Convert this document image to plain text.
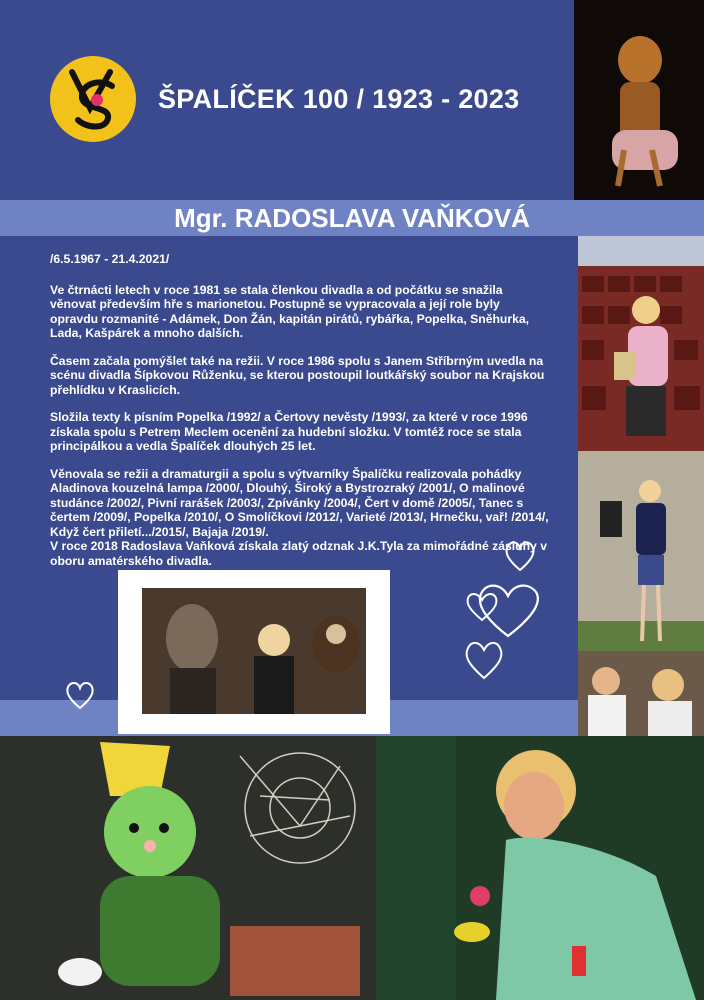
ŠPALÍČEK 100 / 1923 - 2023
Mgr. RADOSLAVA VAŇKOVÁ

/6.5.1967 - 21.4.2021/

Ve čtrnácti letech v roce 1981 se stala členkou divadla a od počátku se snažila věnovat především hře s marionetou. Postupně se vypracovala a její role byly opravdu rozmanité - Adámek, Don Žán, kapitán pirátů, rybářka, Popelka, Sněhurka, Lada, Kašpárek a mnoho dalších.

Časem začala pomýšlet také na režii. V roce 1986 spolu s Janem Stříbrným uvedla na scénu divadla Šípkovou Růženku, se kterou postoupil loutkářský soubor na Krajskou přehlídku v Kraslicích.

Složila texty k písním Popelka /1992/ a Čertovy nevěsty /1993/, za které v roce 1996 získala spolu s Petrem Meclem ocenění za hudební složku. V tomtéž roce se stala principálkou a vedla Špalíček dlouhých 25 let.

Věnovala se režii a dramaturgii a spolu s výtvarníky Špalíčku realizovala pohádky Aladinova kouzelná lampa /2000/, Dlouhý, Široký a Bystrozraký /2001/, O malinové studánce /2002/, Pivní rarášek /2003/, Zpívánky /2004/, Čert v domě /2005/, Tanec s čertem /2009/, Popelka /2010/, O Smolíčkovi /2012/, Varieté /2013/, Hrnečku, vař! /2014/, Když čert přiletí.../2015/, Bajaja /2019/.

V roce 2018 Radoslava Vaňková získala zlatý odznak J.K.Tyla za mimořádné zásluhy v oboru amatérského divadla.
